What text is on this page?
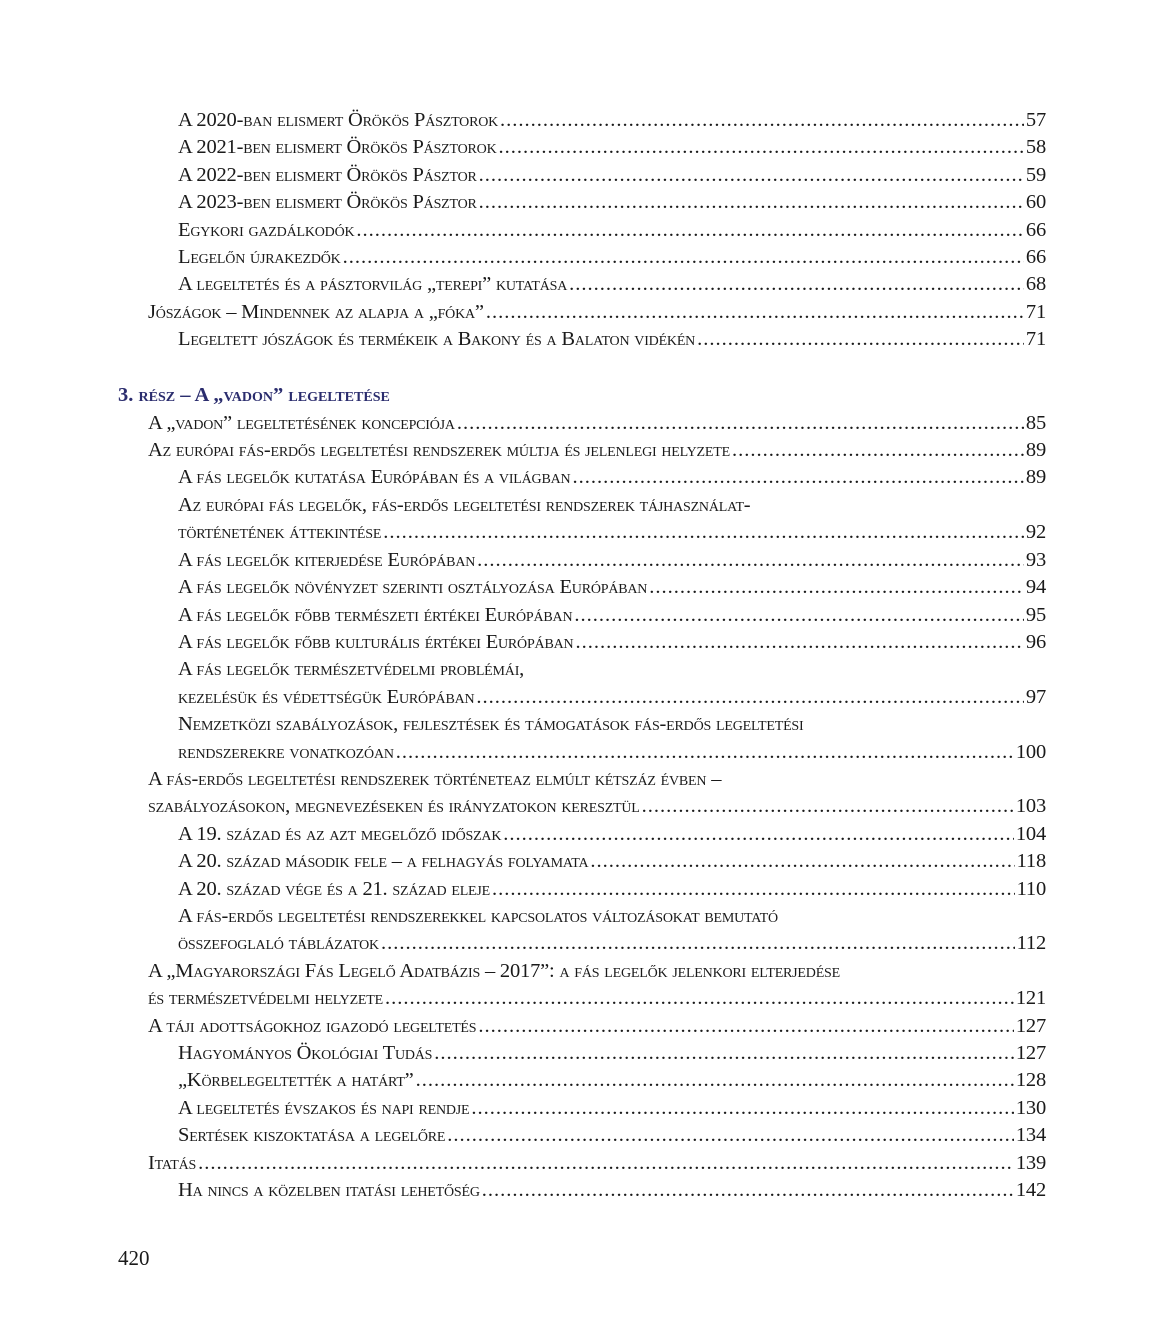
A 2020-ban elismert Örökös Pásztorok .....	57
A 2021-ben elismert Örökös Pásztorok .....	58
A 2022-ben elismert Örökös Pásztor .....	59
A 2023-ben elismert Örökös Pásztor .....	60
Egykori gazdálkodók .....	66
Legelőn újrakezdők .....	66
A legeltetés és a pásztorvilág „terepi” kutatása .....	68
Jószágok – Mindennek az alapja a „fóka” .....	71
Legeltett jószágok és termékeik a Bakony és a Balaton vidékén .....	71
3. rész – A „vadon” legeltetése
A „vadon” legeltetésének koncepciója .....	85
Az európai fás-erdős legeltetési rendszerek múltja és jelenlegi helyzete .....	89
A fás legelők kutatása Európában és a világban .....	89
Az európai fás legelők, fás-erdős legeltetési rendszerek tájhasználat-
történetének áttekintése .....	92
A fás legelők kiterjedése Európában .....	93
A fás legelők növényzet szerinti osztályozása Európában .....	94
A fás legelők főbb természeti értékei Európában .....	95
A fás legelők főbb kulturális értékei Európában .....	96
A fás legelők természetvédelmi problémái,
kezelésük és védettségük Európában .....	97
Nemzetközi szabályozások, fejlesztések és támogatások fás-erdős legeltetési
rendszerekre vonatkozóan .....	100
A fás-erdős legeltetési rendszerek történeteaz elmúlt kétszáz évben –
szabályozásokon, megnevezéseken és irányzatokon keresztül .....	103
A 19. század és az azt megelőző időszak .....	104
A 20. század második fele – a felhagyás folyamata .....	118
A 20. század vége és a 21. század eleje .....	110
A fás-erdős legeltetési rendszerekkel kapcsolatos változásokat bemutató
összefoglaló táblázatok .....	112
A „Magyarországi Fás Legelő Adatbázis – 2017”: a fás legelők jelenkori elterjedése
és természetvédelmi helyzete .....	121
A táji adottságokhoz igazodó legeltetés .....	127
Hagyományos Ökológiai Tudás .....	127
„Körbelegeltették a határt” .....	128
A legeltetés évszakos és napi rendje .....	130
Sertések kiszoktatása a legelőre .....	134
Itatás .....	139
Ha nincs a közelben itatási lehetőség .....	142
420
